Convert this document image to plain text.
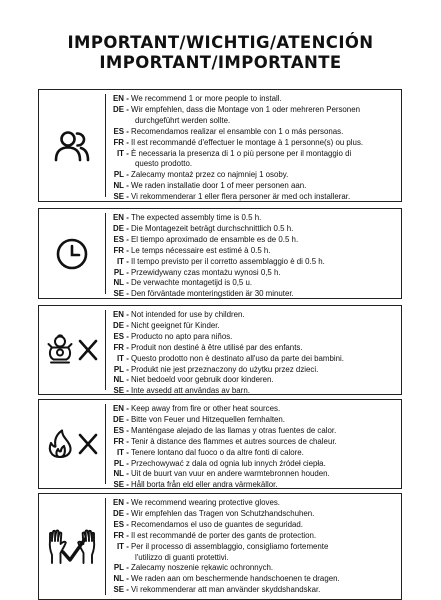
IMPORTANT/WICHTIG/ATENCIÓN
IMPORTANT/IMPORTANTE
EN - We recommend 1 or more people to install.
DE - Wir empfehlen, dass die Montage von 1 oder mehreren Personen
durchgeführt werden sollte.
ES - Recomendamos realizar el ensamble con 1 o más personas.
FR - Il est recommandé d'effectuer le montage à 1 personne(s) ou plus.
IT - È necessaria la presenza di 1 o più persone per il montaggio di
questo prodotto.
PL - Zalecamy montaż przez co najmniej 1 osoby.
NL - We raden installatie door 1 of meer personen aan.
SE - Vi rekommenderar 1 eller flera personer är med och installerar.
EN - The expected assembly time is 0.5 h.
DE - Die Montagezeit beträgt durchschnittlich 0.5 h.
ES - El tiempo aproximado de ensamble es de 0.5 h.
FR - Le temps nécessaire est estimé à 0.5 h.
IT - Il tempo previsto per il corretto assemblaggio è di 0.5 h.
PL - Przewidywany czas montażu wynosi 0,5 h.
NL - De verwachte montagetijd is 0,5 u.
SE - Den förväntade monteringstiden är 30 minuter.
EN - Not intended for use by children.
DE - Nicht geeignet für Kinder.
ES - Producto no apto para niños.
FR - Produit non destiné à être utilisé par des enfants.
IT - Questo prodotto non è destinato all'uso da parte dei bambini.
PL - Produkt nie jest przeznaczony do użytku przez dzieci.
NL - Niet bedoeld voor gebruik door kinderen.
SE - Inte avsedd att användas av barn.
EN - Keep away from fire or other heat sources.
DE - Bitte von Feuer und Hitzequellen fernhalten.
ES - Manténgase alejado de las llamas y otras fuentes de calor.
FR - Tenir à distance des flammes et autres sources de chaleur.
IT - Tenere lontano dal fuoco o da altre fonti di calore.
PL - Przechowywać z dala od ognia lub innych źródeł ciepła.
NL - Uit de buurt van vuur en andere warmtebronnen houden.
SE - Håll borta från eld eller andra värmekällor.
EN - We recommend wearing protective gloves.
DE - Wir empfehlen das Tragen von Schutzhandschuhen.
ES - Recomendamos el uso de guantes de seguridad.
FR - Il est recommandé de porter des gants de protection.
IT - Per il processo di assemblaggio, consigliamo fortemente
l'utilizzo di guanti protettivi.
PL - Zalecamy noszenie rękawic ochronnych.
NL - We raden aan om beschermende handschoenen te dragen.
SE - Vi rekommenderar att man använder skyddshandskar.
